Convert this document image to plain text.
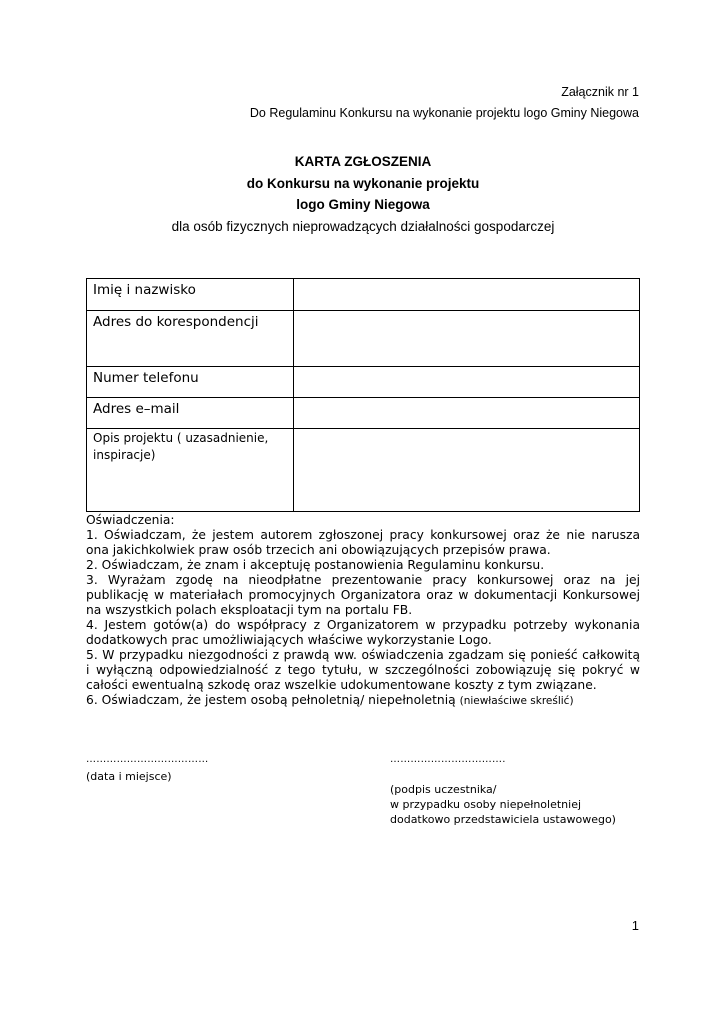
Załącznik nr 1
Do Regulaminu Konkursu na wykonanie projektu logo Gminy Niegowa
KARTA ZGŁOSZENIA
do Konkursu na wykonanie projektu
logo Gminy Niegowa
dla osób fizycznych nieprowadzących działalności gospodarczej
Imię i nazwisko	

Adres do korespondencji	

Numer telefonu	

Adres e–mail	

Opis projektu ( uzasadnienie, inspiracje)	
Oświadczenia:

1. Oświadczam, że jestem autorem zgłoszonej pracy konkursowej oraz że nie narusza ona jakichkolwiek praw osób trzecich ani obowiązujących przepisów prawa.

2. Oświadczam, że znam i akceptuję postanowienia Regulaminu konkursu.

3. Wyrażam zgodę na nieodpłatne prezentowanie pracy konkursowej oraz na jej publikację w materiałach promocyjnych Organizatora oraz w dokumentacji Konkursowej na wszystkich polach eksploatacji tym na portalu FB.

4. Jestem gotów(a) do współpracy z Organizatorem w przypadku potrzeby wykonania dodatkowych prac umożliwiających właściwe wykorzystanie Logo.

5. W przypadku niezgodności z prawdą ww. oświadczenia zgadzam się ponieść całkowitą i wyłączną odpowiedzialność z tego tytułu, w szczególności zobowiązuję się pokryć w całości ewentualną szkodę oraz wszelkie udokumentowane koszty z tym związane.

6. Oświadczam, że jestem osobą pełnoletnią/ niepełnoletnią (niewłaściwe skreślić)

………………………………
(data i miejsce)
…………………………….
(podpis uczestnika/
w przypadku osoby niepełnoletniej
dodatkowo przedstawiciela ustawowego)
1
